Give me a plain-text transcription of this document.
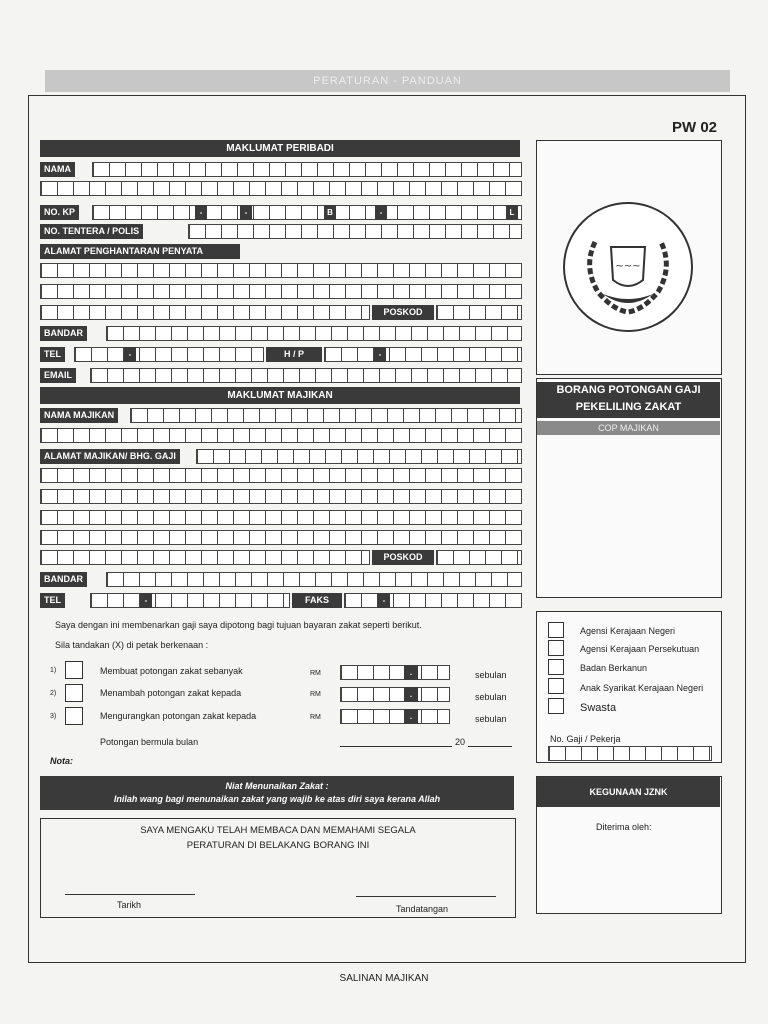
PERATURAN - PANDUAN
PW 02
MAKLUMAT PERIBADI
NAMA
NO. KP	-	-	B	-	L
NO. TENTERA / POLIS
ALAMAT PENGHANTARAN PENYATA
POSKOD
BANDAR
TEL	-	H / P	-
EMAIL
MAKLUMAT MAJIKAN
NAMA MAJIKAN
ALAMAT MAJIKAN/ BHG. GAJI
POSKOD
BANDAR
TEL	-	FAKS	-
~~~
BORANG POTONGAN GAJI
PEKELILING ZAKAT
COP MAJIKAN
Agensi Kerajaan Negeri
Agensi Kerajaan Persekutuan
Badan Berkanun
Anak Syarikat Kerajaan Negeri
Swasta
No. Gaji / Pekerja
KEGUNAAN JZNK
Diterima oleh:
Saya dengan ini membenarkan gaji saya dipotong bagi tujuan bayaran zakat seperti berikut.
Sila tandakan (X) di petak berkenaan :
1)	Membuat potongan zakat sebanyak	RM	.	sebulan
2)	Menambah potongan zakat kepada	RM	.	sebulan
3)	Mengurangkan potongan zakat kepada	RM	.	sebulan
Potongan bermula bulan	20
Nota:
Niat Menunaikan Zakat :
Inilah wang bagi menunaikan zakat yang wajib ke atas diri saya kerana Allah
SAYA MENGAKU TELAH MEMBACA DAN MEMAHAMI SEGALA
PERATURAN DI BELAKANG BORANG INI
Tarikh	Tandatangan
SALINAN MAJIKAN
